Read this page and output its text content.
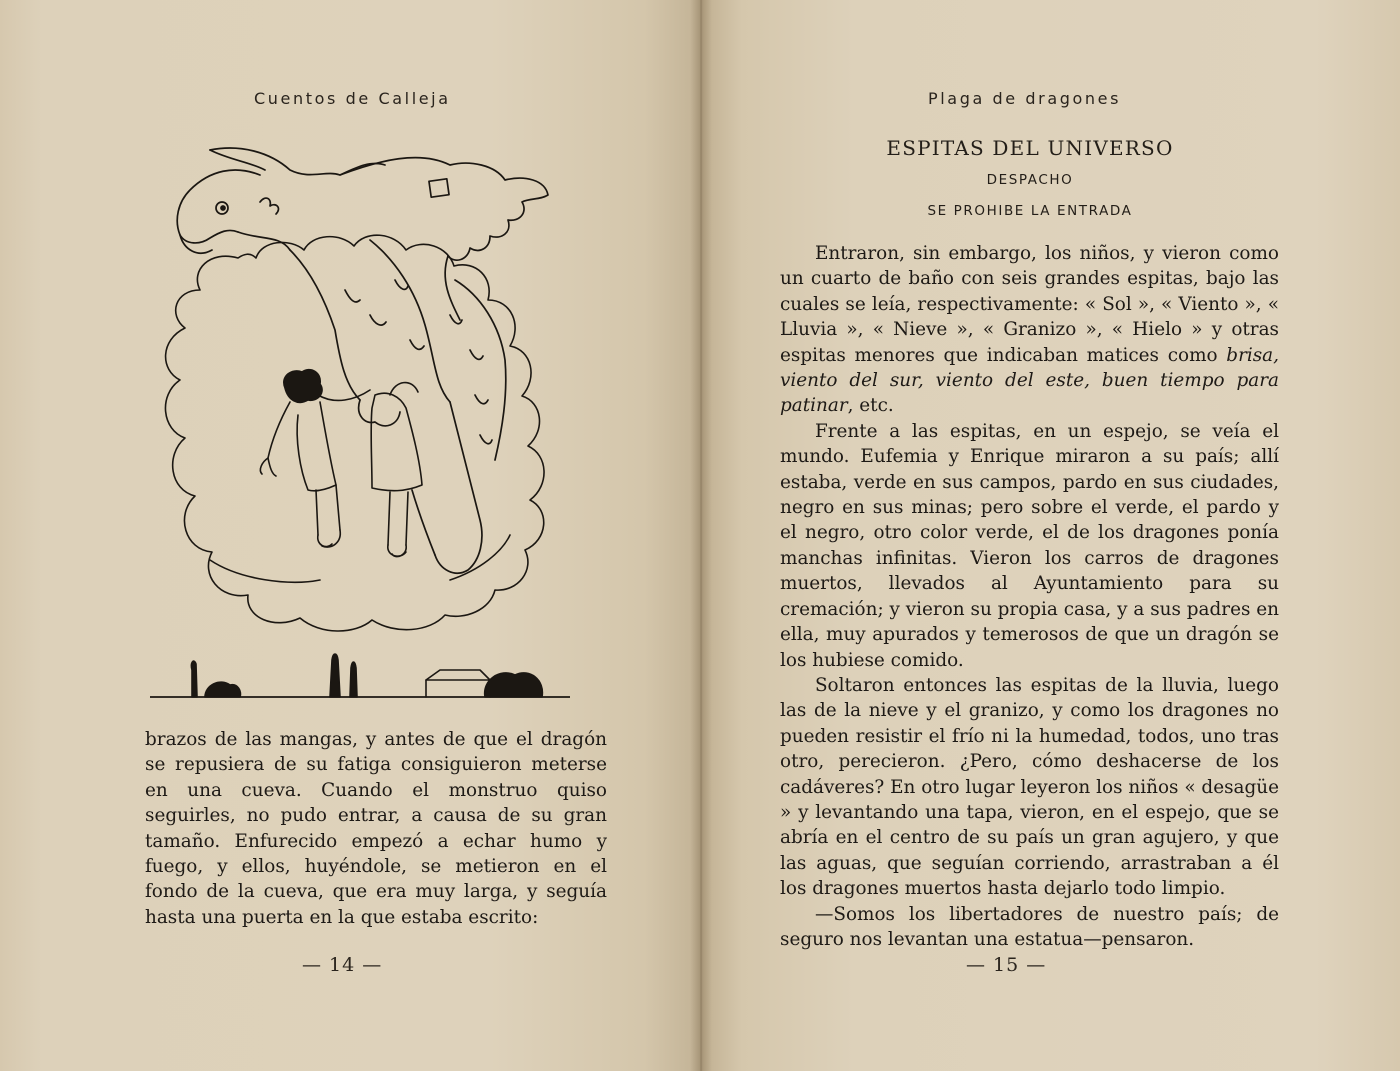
Cuentos de Calleja

brazos de las mangas, y antes de que el dragón se repusiera de su fatiga consiguieron meterse en una cueva. Cuando el monstruo quiso seguirles, no pudo entrar, a causa de su gran tamaño. Enfurecido empezó a echar humo y fuego, y ellos, huyéndole, se metieron en el fondo de la cueva, que era muy larga, y seguía hasta una puerta en la que estaba escrito:

— 14 —
Plaga de dragones
ESPITAS DEL UNIVERSO
DESPACHO
SE PROHIBE LA ENTRADA

Entraron, sin embargo, los niños, y vieron como un cuarto de baño con seis grandes espitas, bajo las cuales se leía, respectivamente: « Sol », « Viento », « Lluvia », « Nieve », « Granizo », « Hielo » y otras espitas menores que indicaban matices como brisa, viento del sur, viento del este, buen tiempo para patinar, etc.

Frente a las espitas, en un espejo, se veía el mundo. Eufemia y Enrique miraron a su país; allí estaba, verde en sus campos, pardo en sus ciudades, negro en sus minas; pero sobre el verde, el pardo y el negro, otro color verde, el de los dragones ponía manchas infinitas. Vieron los carros de dragones muertos, llevados al Ayuntamiento para su cremación; y vieron su propia casa, y a sus padres en ella, muy apurados y temerosos de que un dragón se los hubiese comido.

Soltaron entonces las espitas de la lluvia, luego las de la nieve y el granizo, y como los dragones no pueden resistir el frío ni la humedad, todos, uno tras otro, perecieron. ¿Pero, cómo deshacerse de los cadáveres? En otro lugar leyeron los niños « desagüe » y levantando una tapa, vieron, en el espejo, que se abría en el centro de su país un gran agujero, y que las aguas, que seguían corriendo, arrastraban a él los dragones muertos hasta dejarlo todo limpio.

—Somos los libertadores de nuestro país; de seguro nos levantan una estatua—pensaron.

— 15 —
